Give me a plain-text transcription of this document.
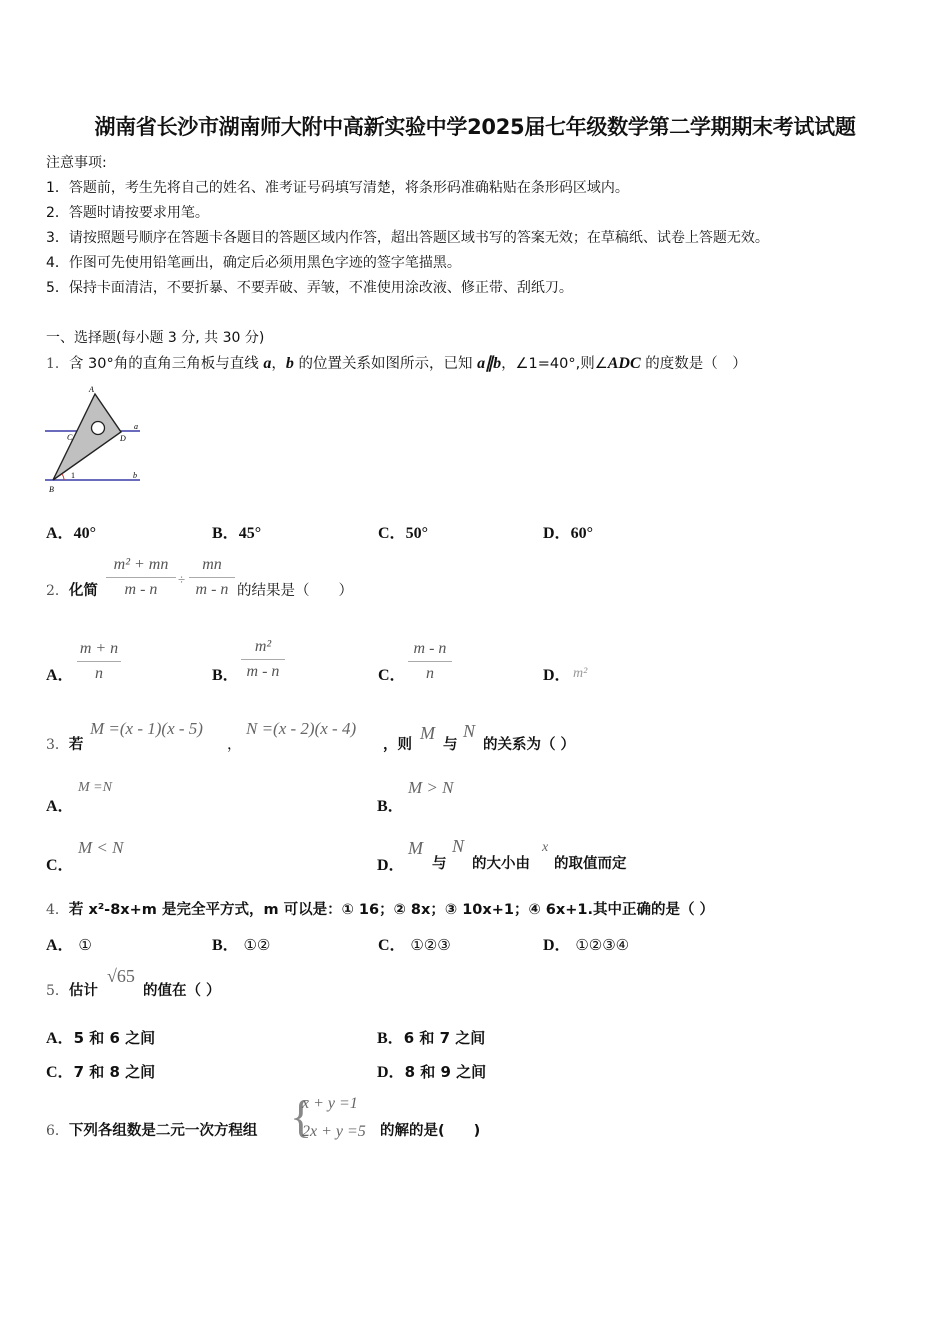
湖南省长沙市湖南师大附中高新实验中学2025届七年级数学第二学期期末考试试题
注意事项:
1．答题前，考生先将自己的姓名、准考证号码填写清楚，将条形码准确粘贴在条形码区域内。
2．答题时请按要求用笔。
3．请按照题号顺序在答题卡各题目的答题区域内作答，超出答题区域书写的答案无效；在草稿纸、试卷上答题无效。
4．作图可先使用铅笔画出，确定后必须用黑色字迹的签字笔描黑。
5．保持卡面清洁，不要折暴、不要弄破、弄皱，不准使用涂改液、修正带、刮纸刀。
一、选择题(每小题 3 分, 共 30 分)
1．含 30°角的直角三角板与直线 a，b 的位置关系如图所示，已知 a∥b，∠1=40°,则∠ADC 的度数是（　）
A
B
C	D
a
b
1
A．40°	B．45°	C．50°	D．60°
2．化简
m² + mn
m - n
÷
mn
m - n 的结果是（　　）
A．
m + n
n	B．
m²
m - n	C．
m - n
n	D． m²
3．若
M =(x - 1)(x - 5)
，
N =(x - 2)(x - 4)
，则
M
与
N
的关系为（ ）
A．
M =N
B．
M > N
C．
M < N
D．
M
与
N
的大小由
x
的取值而定
4．若 x²-8x+m 是完全平方式，m 可以是：① 16；② 8x；③ 10x+1；④ 6x+1.其中正确的是（ ）
A． ①	B． ①②	C． ①②③	D． ①②③④
5．估计
√65
的值在（ ）
A．5 和 6 之间	B．6 和 7 之间
C．7 和 8 之间	D．8 和 9 之间
6．下列各组数是二元一次方程组 {
x + y =1
2x + y =5 的解的是(　　)
